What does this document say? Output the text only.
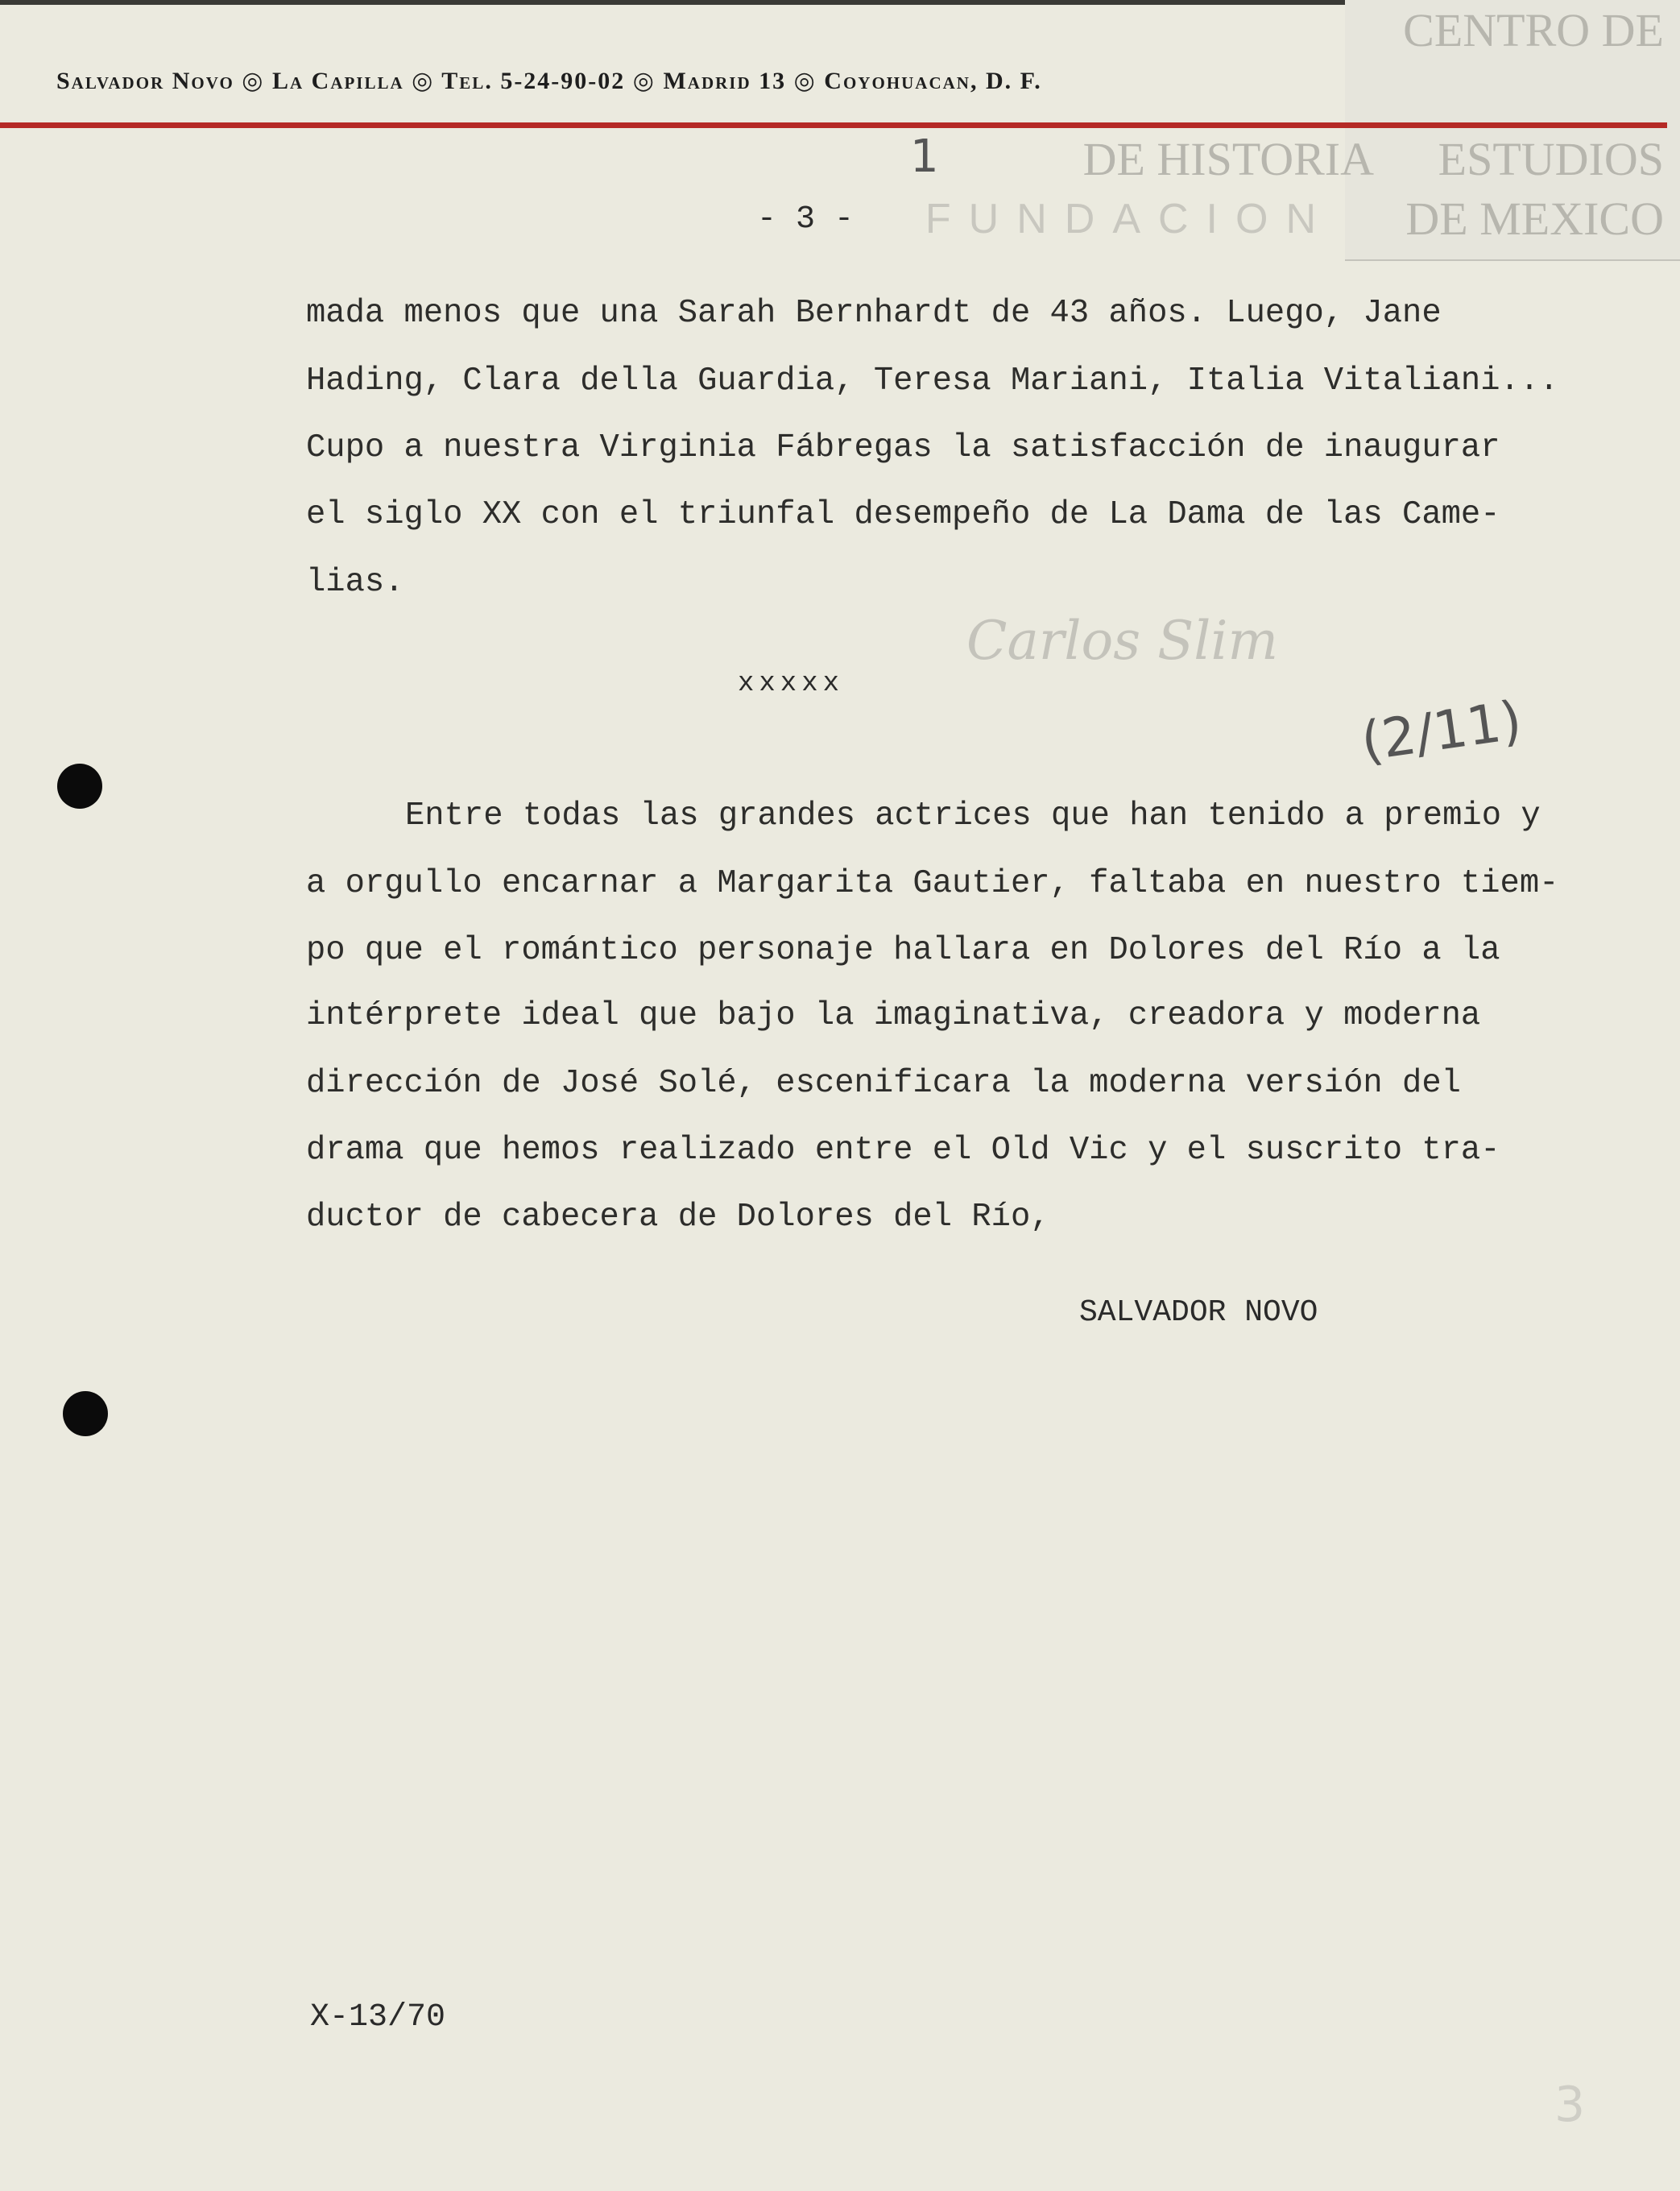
CENTRO DE
ESTUDIOS
DE HISTORIA
DE MEXICO
FUNDACION
Carlos Slim
Salvador Novo ◎ La Capilla ◎ Tel. 5-24-90-02 ◎ Madrid 13 ◎ Coyohuacan, D. F.
1
(2/11)
3
- 3 -
mada menos que una Sarah Bernhardt de 43 años. Luego, Jane
Hading, Clara della Guardia, Teresa Mariani, Italia Vitaliani...
Cupo a nuestra Virginia Fábregas la satisfacción de inaugurar
el siglo XX con el triunfal desempeño de La Dama de las Came-
lias.
xxxxx
Entre todas las grandes actrices que han tenido a premio y
a orgullo encarnar a Margarita Gautier, faltaba en nuestro tiem-
po que el romántico personaje hallara en Dolores del Río a la
intérprete ideal que bajo la imaginativa, creadora y moderna
dirección de José Solé, escenificara la moderna versión del
drama que hemos realizado entre el Old Vic y el suscrito tra-
ductor de cabecera de Dolores del Río,
SALVADOR NOVO
X-13/70
